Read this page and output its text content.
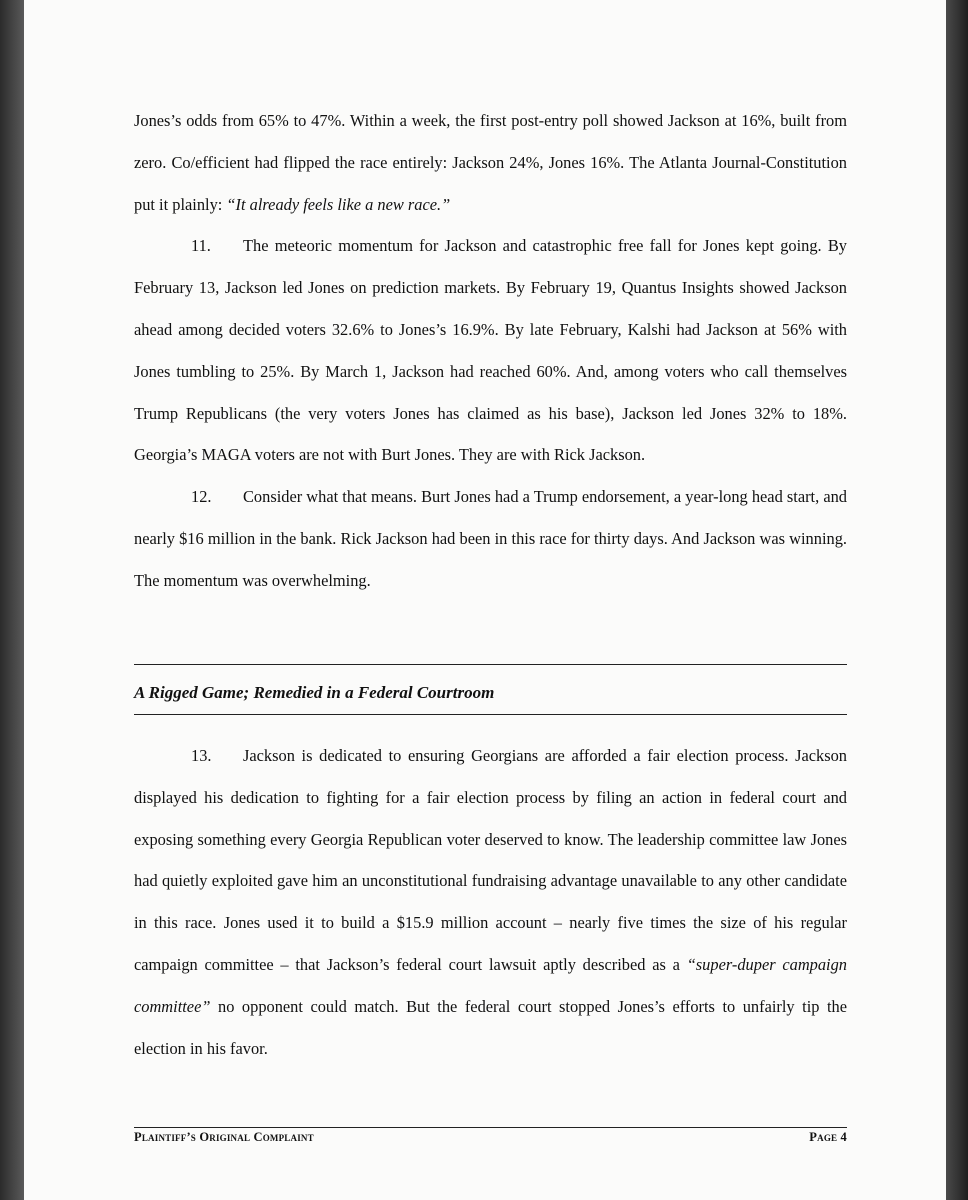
Jones’s odds from 65% to 47%. Within a week, the first post-entry poll showed Jackson at 16%, built from zero. Co/efficient had flipped the race entirely: Jackson 24%, Jones 16%. The Atlanta Journal-Constitution put it plainly: “It already feels like a new race.”

11. The meteoric momentum for Jackson and catastrophic free fall for Jones kept going. By February 13, Jackson led Jones on prediction markets. By February 19, Quantus Insights showed Jackson ahead among decided voters 32.6% to Jones’s 16.9%. By late February, Kalshi had Jackson at 56% with Jones tumbling to 25%. By March 1, Jackson had reached 60%. And, among voters who call themselves Trump Republicans (the very voters Jones has claimed as his base), Jackson led Jones 32% to 18%. Georgia’s MAGA voters are not with Burt Jones. They are with Rick Jackson.

12. Consider what that means. Burt Jones had a Trump endorsement, a year-long head start, and nearly $16 million in the bank. Rick Jackson had been in this race for thirty days. And Jackson was winning. The momentum was overwhelming.

A Rigged Game; Remedied in a Federal Courtroom

13. Jackson is dedicated to ensuring Georgians are afforded a fair election process. Jackson displayed his dedication to fighting for a fair election process by filing an action in federal court and exposing something every Georgia Republican voter deserved to know. The leadership committee law Jones had quietly exploited gave him an unconstitutional fundraising advantage unavailable to any other candidate in this race. Jones used it to build a $15.9 million account – nearly five times the size of his regular campaign committee – that Jackson’s federal court lawsuit aptly described as a “super-duper campaign committee” no opponent could match. But the federal court stopped Jones’s efforts to unfairly tip the election in his favor.

Plaintiff’s Original Complaint	Page 4
